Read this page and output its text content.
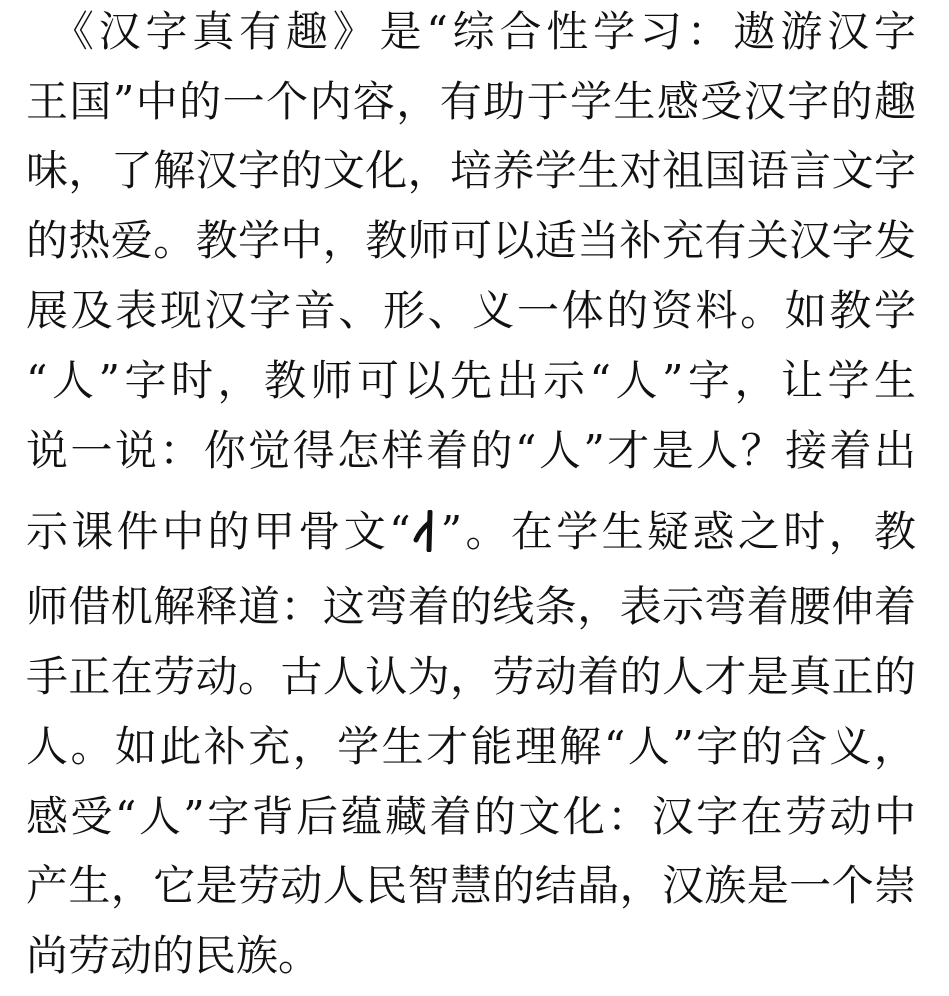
　《汉字真有趣》是“综合性学习：遨游汉字
王国”中的一个内容，有助于学生感受汉字的趣
味，了解汉字的文化，培养学生对祖国语言文字
的热爱。教学中，教师可以适当补充有关汉字发
展及表现汉字音、形、义一体的资料。如教学
“人”字时，教师可以先出示“人”字，让学生
说一说：你觉得怎样着的“人”才是人？接着出
示课件中的甲骨文“ ”。在学生疑惑之时，教
师借机解释道：这弯着的线条，表示弯着腰伸着
手正在劳动。古人认为，劳动着的人才是真正的
人。如此补充，学生才能理解“人”字的含义，
感受“人”字背后蕴藏着的文化：汉字在劳动中
产生，它是劳动人民智慧的结晶，汉族是一个崇
尚劳动的民族。
